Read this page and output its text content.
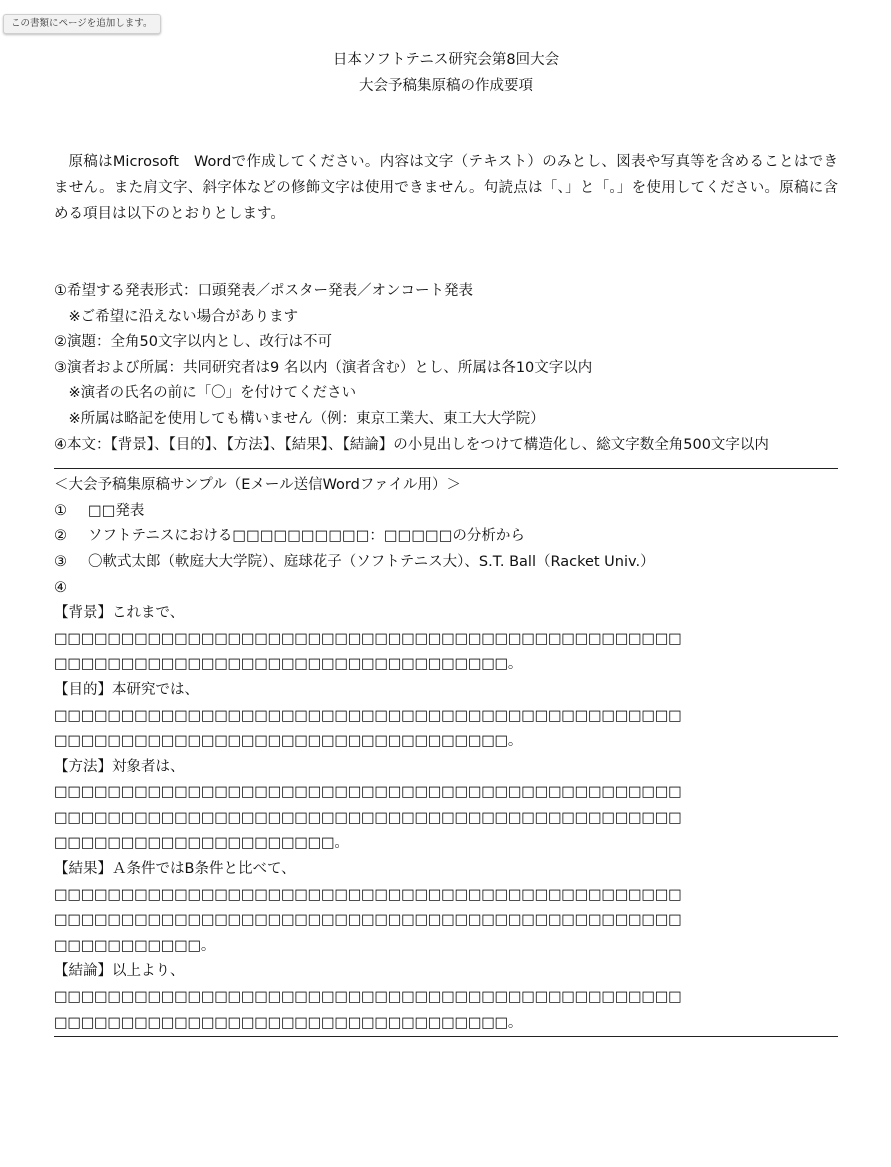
この書類にページを追加します。

日本ソフトテニス研究会第8回大会

大会予稿集原稿の作成要項

原稿はMicrosoft　Wordで作成してください。内容は文字（テキスト）のみとし、図表や写真等を含めることはできません。また肩文字、斜字体などの修飾文字は使用できません。句読点は「、」と「。」を使用してください。原稿に含める項目は以下のとおりとします。
①希望する発表形式：口頭発表／ポスター発表／オンコート発表
※ご希望に沿えない場合があります
②演題：全角50文字以内とし、改行は不可
③演者および所属：共同研究者は9 名以内（演者含む）とし、所属は各10文字以内
※演者の氏名の前に「〇」を付けてください
※所属は略記を使用しても構いません（例：東京工業大、東工大大学院）
④本文：【背景】、【目的】、【方法】、【結果】、【結論】の小見出しをつけて構造化し、総文字数全角500文字以内
＜大会予稿集原稿サンプル（Eメール送信Wordファイル用）＞
① □□発表
② ソフトテニスにおける□□□□□□□□□□：□□□□□の分析から
③ 〇軟式太郎（軟庭大大学院）、庭球花子（ソフトテニス大）、S.T. Ball（Racket Univ.）
④
【背景】これまで、
□□□□□□□□□□□□□□□□□□□□□□□□□□□□□□□□□□□□□□□□□□□□□□□
□□□□□□□□□□□□□□□□□□□□□□□□□□□□□□□□□□。
【目的】本研究では、
□□□□□□□□□□□□□□□□□□□□□□□□□□□□□□□□□□□□□□□□□□□□□□□
□□□□□□□□□□□□□□□□□□□□□□□□□□□□□□□□□□。
【方法】対象者は、
□□□□□□□□□□□□□□□□□□□□□□□□□□□□□□□□□□□□□□□□□□□□□□□
□□□□□□□□□□□□□□□□□□□□□□□□□□□□□□□□□□□□□□□□□□□□□□□
□□□□□□□□□□□□□□□□□□□□□。
【結果】Ａ条件ではB条件と比べて、
□□□□□□□□□□□□□□□□□□□□□□□□□□□□□□□□□□□□□□□□□□□□□□□
□□□□□□□□□□□□□□□□□□□□□□□□□□□□□□□□□□□□□□□□□□□□□□□
□□□□□□□□□□□。
【結論】以上より、
□□□□□□□□□□□□□□□□□□□□□□□□□□□□□□□□□□□□□□□□□□□□□□□
□□□□□□□□□□□□□□□□□□□□□□□□□□□□□□□□□□。
